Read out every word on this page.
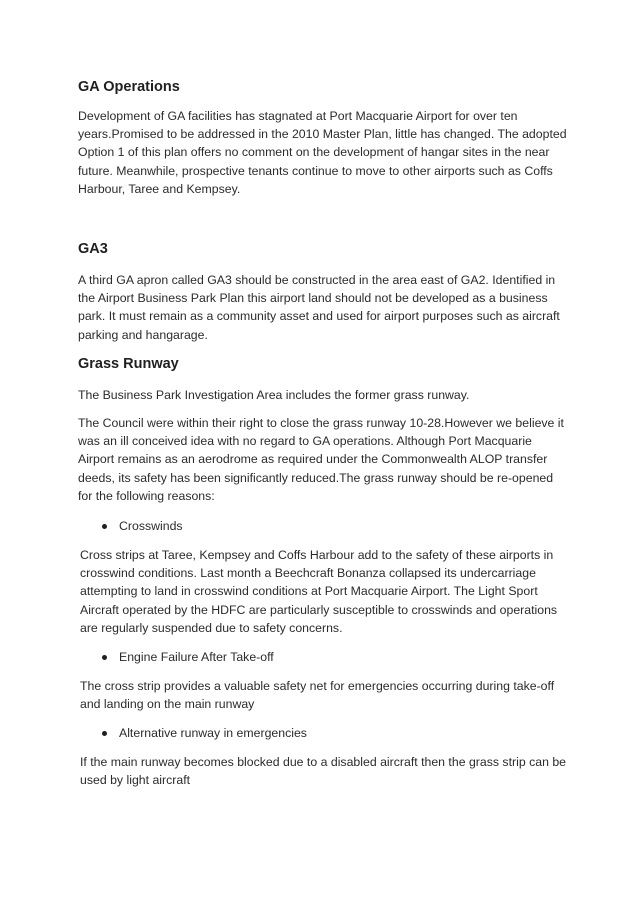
GA Operations

Development of GA facilities has stagnated at Port Macquarie Airport for over ten years.Promised to be addressed in the 2010 Master Plan, little has changed. The adopted Option 1 of this plan offers no comment on the development of hangar sites in the near future. Meanwhile, prospective tenants continue to move to other airports such as Coffs Harbour, Taree and Kempsey.

GA3

A third GA apron called GA3 should be constructed in the area east of GA2. Identified in the Airport Business Park Plan this airport land should not be developed as a business park. It must remain as a community asset and used for airport purposes such as aircraft parking and hangarage.

Grass Runway

The Business Park Investigation Area includes the former grass runway.

The Council were within their right to close the grass runway 10-28.However we believe it was an ill conceived idea with no regard to GA operations. Although Port Macquarie Airport remains as an aerodrome as required under the Commonwealth ALOP transfer deeds, its safety has been significantly reduced.The grass runway should be re-opened for the following reasons:

Crosswinds

Cross strips at Taree, Kempsey and Coffs Harbour add to the safety of these airports in crosswind conditions. Last month a Beechcraft Bonanza collapsed its undercarriage attempting to land in crosswind conditions at Port Macquarie Airport. The Light Sport Aircraft operated by the HDFC are particularly susceptible to crosswinds and operations are regularly suspended due to safety concerns.

Engine Failure After Take-off

The cross strip provides a valuable safety net for emergencies occurring during take-off and landing on the main runway

Alternative runway in emergencies

If the main runway becomes blocked due to a disabled aircraft then the grass strip can be used by light aircraft
